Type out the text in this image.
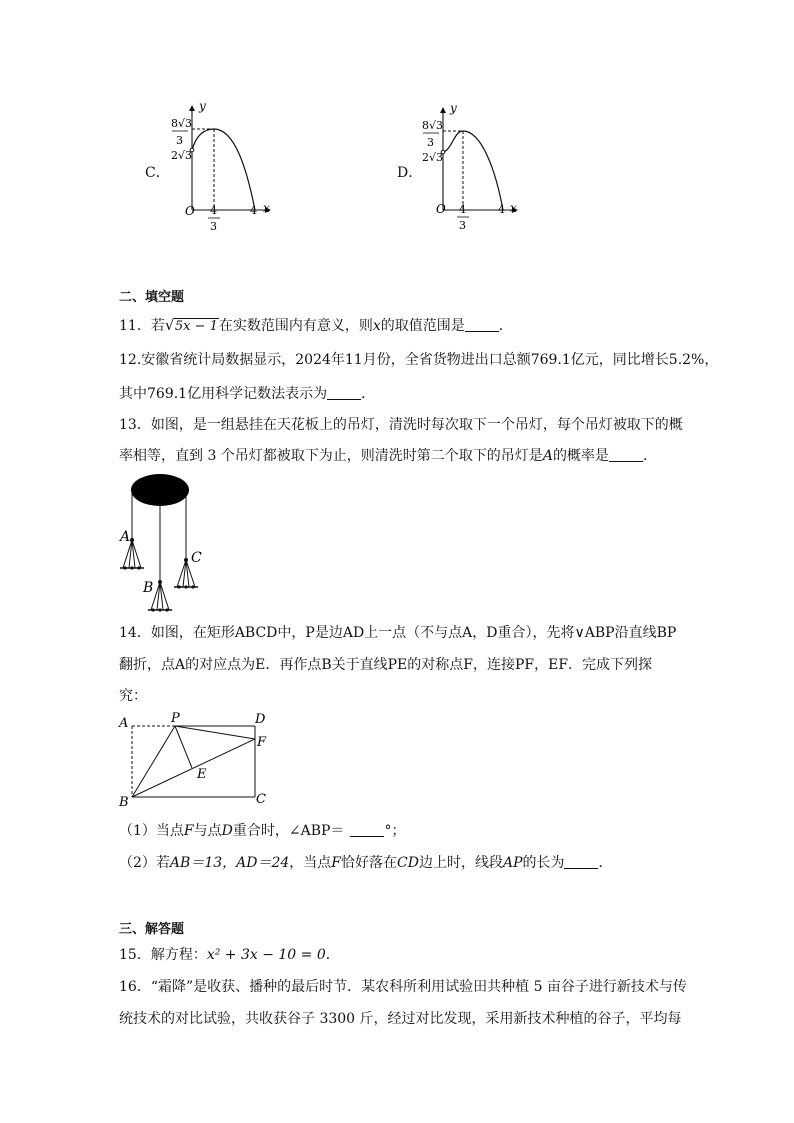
C．
y
x
O
8√3
3
2√3
4
3
4
D．
y
x
O
8√3
3
2√3
4
3
4
二、填空题
11．若 √ 5x − 1在实数范围内有意义，则x的取值范围是 ．
12.安徽省统计局数据显示，2024年11月份，全省货物进出口总额769.1亿元，同比增长5.2%，
其中769.1亿用科学记数法表示为 ．
13．如图，是一组悬挂在天花板上的吊灯，清洗时每次取下一个吊灯，每个吊灯被取下的概
率相等，直到 3 个吊灯都被取下为止，则清洗时第二个取下的吊灯是A的概率是 ．
A
B
C
14．如图，在矩形ABCD中，P是边AD上一点（不与点A，D重合），先将∨ABP沿直线BP
翻折，点A的对应点为E．再作点B关于直线PE的对称点F，连接PF，EF．完成下列探
究：
A	P	D
F
E
B	C
（1）当点F与点D重合时，∠ABP＝	°；
（2）若AB＝13，AD＝24，当点F恰好落在CD边上时，线段AP的长为 ．
三、解答题
15．解方程：x² + 3x − 10 = 0．
16．“霜降”是收获、播种的最后时节．某农科所利用试验田共种植 5 亩谷子进行新技术与传
统技术的对比试验，共收获谷子 3300 斤，经过对比发现，采用新技术种植的谷子，平均每
